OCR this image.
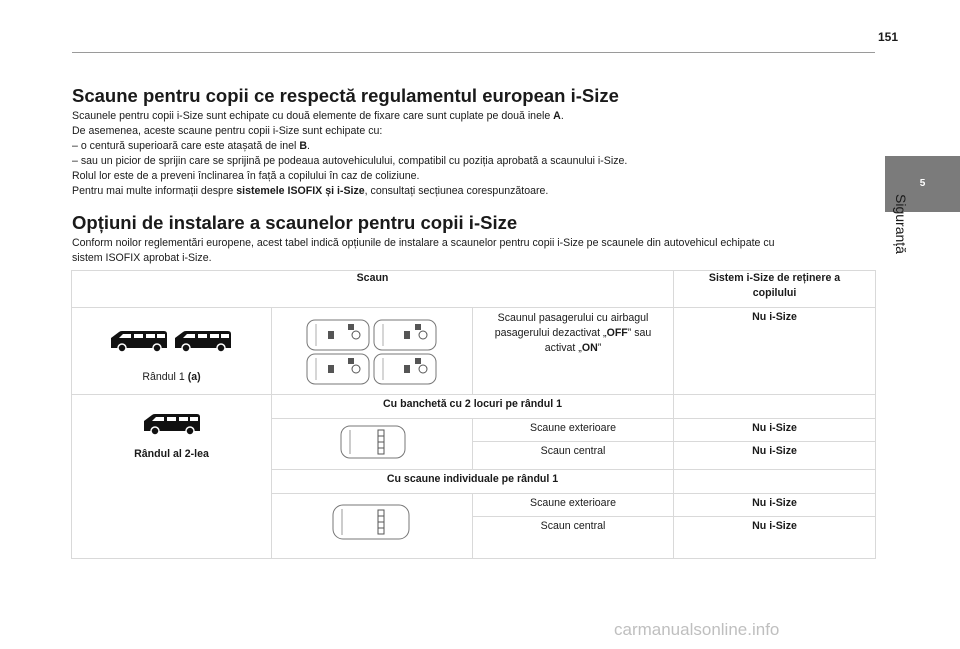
151
5
Siguranță
Scaune pentru copii ce respectă regulamentul european i-Size

Scaunele pentru copii i-Size sunt echipate cu două elemente de fixare care sunt cuplate pe două inele A.

De asemenea, aceste scaune pentru copii i-Size sunt echipate cu:

– o centură superioară care este atașată de inel B.

– sau un picior de sprijin care se sprijină pe podeaua autovehiculului, compatibil cu poziția aprobată a scaunului i-Size.

Rolul lor este de a preveni înclinarea în față a copilului în caz de coliziune.

Pentru mai multe informații despre sistemele ISOFIX și i-Size, consultați secțiunea corespunzătoare.

Opțiuni de instalare a scaunelor pentru copii i-Size

Conform noilor reglementări europene, acest tabel indică opțiunile de instalare a scaunelor pentru copii i-Size pe scaunele din autovehicul echipate cu

sistem ISOFIX aprobat i-Size.

Scaun			Sistem i-Size de reținere a
copilului

Rândul 1 (a)		Scaunul pasagerului cu airbagul
pasagerului dezactivat „OFF” sau
activat „ON”	Nu i-Size

Rândul al 2-lea	Cu banchetă cu 2 locuri pe rândul 1		

	Scaune exterioare	Nu i-Size
		Scaun central	Nu i-Size
	Cu scaune individuale pe rândul 1		

	Scaune exterioare	Nu i-Size
		Scaun central	Nu i-Size
carmanualsonline.info
